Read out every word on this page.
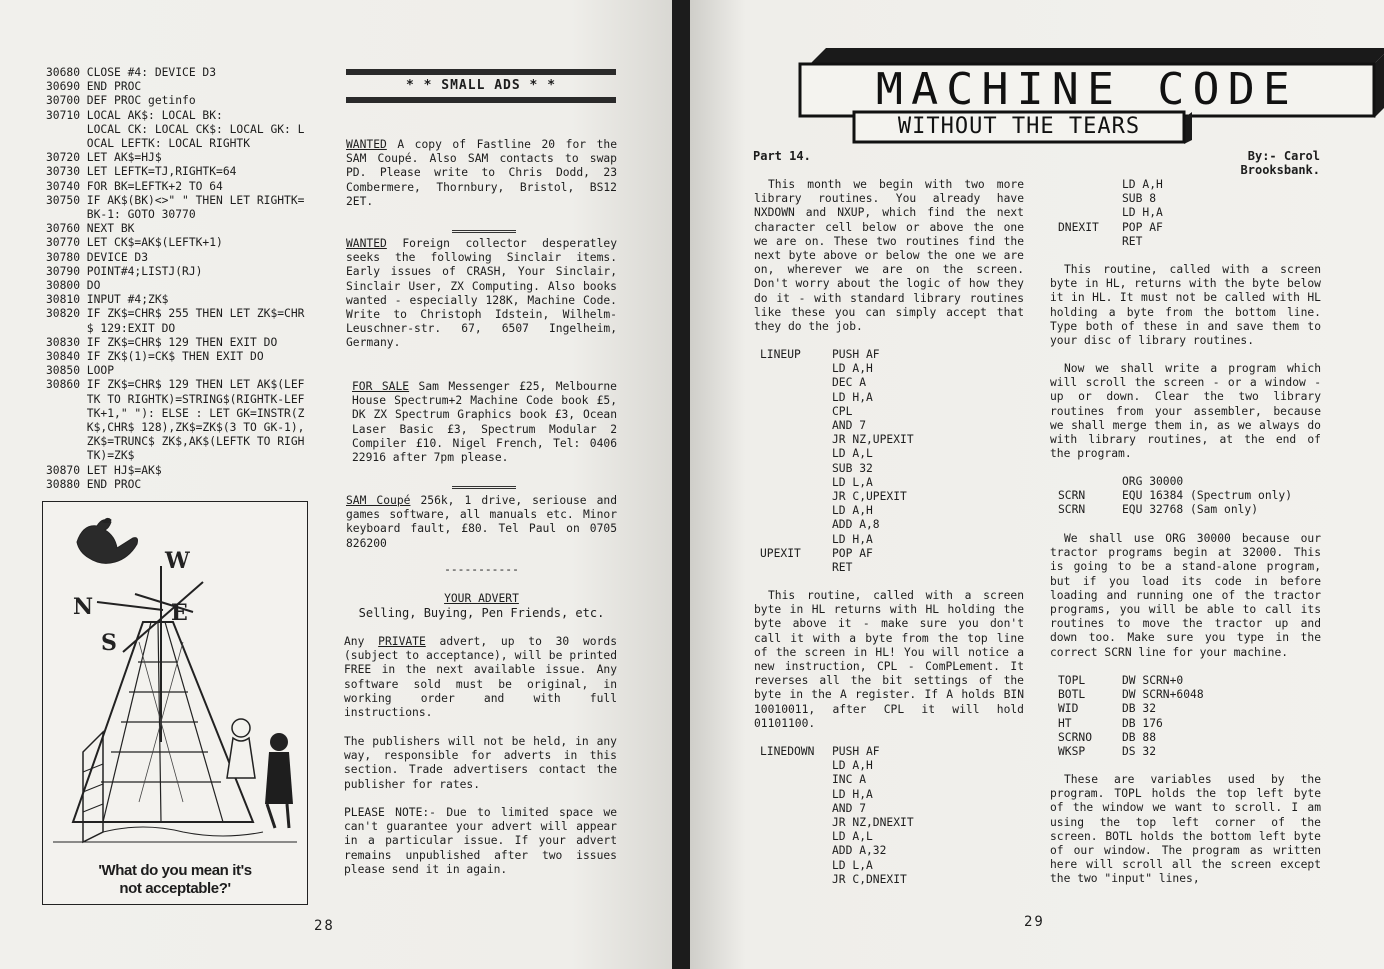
30680 CLOSE #4: DEVICE D3
30690 END PROC
30700 DEF PROC getinfo
30710 LOCAL AK$: LOCAL BK:
LOCAL CK: LOCAL CK$: LOCAL GK: L
OCAL LEFTK: LOCAL RIGHTK
30720 LET AK$=HJ$
30730 LET LEFTK=TJ,RIGHTK=64
30740 FOR BK=LEFTK+2 TO 64
30750 IF AK$(BK)<>" " THEN LET RIGHTK=
BK-1: GOTO 30770
30760 NEXT BK
30770 LET CK$=AK$(LEFTK+1)
30780 DEVICE D3
30790 POINT#4;LISTJ(RJ)
30800 DO
30810 INPUT #4;ZK$
30820 IF ZK$=CHR$ 255 THEN LET ZK$=CHR
$ 129:EXIT DO
30830 IF ZK$=CHR$ 129 THEN EXIT DO
30840 IF ZK$(1)=CK$ THEN EXIT DO
30850 LOOP
30860 IF ZK$=CHR$ 129 THEN LET AK$(LEF
TK TO RIGHTK)=STRING$(RIGHTK-LEF
TK+1," "): ELSE : LET GK=INSTR(Z
K$,CHR$ 128),ZK$=ZK$(3 TO GK-1),
ZK$=TRUNC$ ZK$,AK$(LEFTK TO RIGH
TK)=ZK$
30870 LET HJ$=AK$
30880 END PROC
W
E
N
S
'What do you mean it's
not acceptable?'
* * SMALL ADS * *

WANTED A copy of Fastline 20 for the SAM Coupé. Also SAM contacts to swap PD. Please write to Chris Dodd, 23 Combermere, Thornbury, Bristol, BS12 2ET.

WANTED Foreign collector desperatley seeks the following Sinclair items. Early issues of CRASH, Your Sinclair, Sinclair User, ZX Computing. Also books wanted - especially 128K, Machine Code. Write to Christoph Idstein, Wilhelm-Leuschner-str. 67, 6507 Ingelheim, Germany.

FOR SALE Sam Messenger £25, Melbourne House Spectrum+2 Machine Code book £5, DK ZX Spectrum Graphics book £3, Ocean Laser Basic £3, Spectrum Modular 2 Compiler £10. Nigel French, Tel: 0406 22916 after 7pm please.

SAM Coupé 256k, 1 drive, seriouse and games software, all manuals etc. Minor keyboard fault, £80. Tel Paul on 0705 826200

-----------
YOUR ADVERT
Selling, Buying, Pen Friends, etc.

Any PRIVATE advert, up to 30 words (subject to acceptance), will be printed FREE in the next available issue. Any software sold must be original, in working order and with full instructions.

The publishers will not be held, in any way, responsible for adverts in this section. Trade advertisers contact the publisher for rates.

PLEASE NOTE:- Due to limited space we can't guarantee your advert will appear in a particular issue. If your advert remains unpublished after two issues please send it in again.

28
MACHINE CODE
WITHOUT THE TEARS
Part 14.	By:- Carol Brooksbank.
This month we begin with two more library routines. You already have NXDOWN and NXUP, which find the next character cell below or above the one we are on. These two routines find the next byte above or below the one we are on, wherever we are on the screen. Don't worry about the logic of how they do it - with standard library routines like these you can simply accept that they do the job.
LINEUP	PUSH AF
LD A,H
DEC A
LD H,A
CPL
AND 7
JR NZ,UPEXIT
LD A,L
SUB 32
LD L,A
JR C,UPEXIT
LD A,H
ADD A,8
LD H,A
UPEXIT	POP AF
RET
This routine, called with a screen byte in HL returns with HL holding the byte above it - make sure you don't call it with a byte from the top line of the screen in HL! You will notice a new instruction, CPL - ComPLement. It reverses all the bit settings of the byte in the A register. If A holds BIN 10010011, after CPL it will hold 01101100.
LINEDOWN	PUSH AF
LD A,H
INC A
LD H,A
AND 7
JR NZ,DNEXIT
LD A,L
ADD A,32
LD L,A
JR C,DNEXIT
LD A,H
SUB 8
LD H,A
DNEXIT	POP AF
RET
This routine, called with a screen byte in HL, returns with the byte below it in HL. It must not be called with HL holding a byte from the bottom line. Type both of these in and save them to your disc of library routines.
Now we shall write a program which will scroll the screen - or a window - up or down. Clear the two library routines from your assembler, because we shall merge them in, as we always do with library routines, at the end of the program.
ORG 30000
SCRN	EQU 16384 (Spectrum only)
SCRN	EQU 32768 (Sam only)
We shall use ORG 30000 because our tractor programs begin at 32000. This is going to be a stand-alone program, but if you load its code in before loading and running one of the tractor programs, you will be able to call its routines to move the tractor up and down too. Make sure you type in the correct SCRN line for your machine.
TOPL	DW SCRN+0
BOTL	DW SCRN+6048
WID	DB 32
HT	DB 176
SCRNO	DB 88
WKSP	DS 32
These are variables used by the program. TOPL holds the top left byte of the window we want to scroll. I am using the top left corner of the screen. BOTL holds the bottom left byte of our window. The program as written here will scroll all the screen except the two "input" lines,
29
